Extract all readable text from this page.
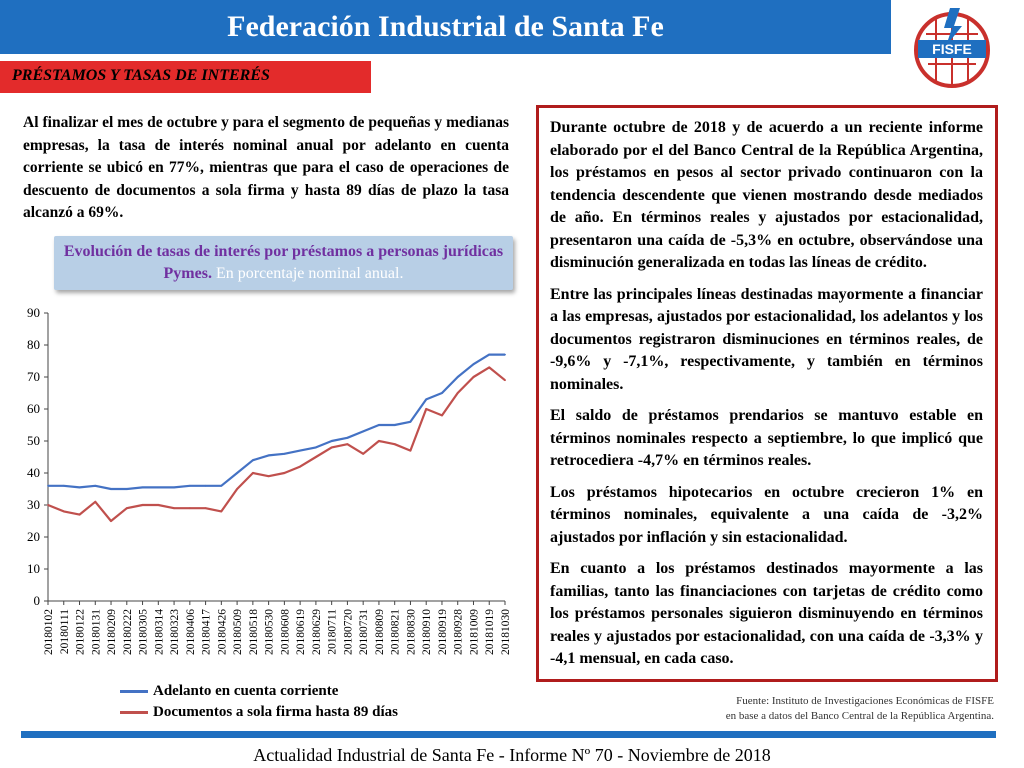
Federación Industrial de Santa Fe
FISFE
PRÉSTAMOS Y TASAS DE INTERÉS
Al finalizar el mes de octubre y para el segmento de pequeñas y medianas empresas, la tasa de interés nominal anual por adelanto en cuenta corriente se ubicó en 77%, mientras que para el caso de operaciones de descuento de documentos a sola firma y hasta 89 días de plazo la tasa alcanzó a 69%.
Evolución de tasas de interés por préstamos a personas jurídicas Pymes. En porcentaje nominal anual.
0
10
20
30
40
50
60
70
80
90
20180102 20180111 20180122 20180131 20180209 20180222 20180305 20180314 20180323 20180406 20180417 20180426 20180509 20180518 20180530 20180608 20180619 20180629 20180711 20180720 20180731 20180809 20180821 20180830 20180910 20180919 20180928 20181009 20181019 20181030
Adelanto en cuenta corriente
Documentos a sola firma hasta 89 días

Durante octubre de 2018 y de acuerdo a un reciente informe elaborado por el del Banco Central de la República Argentina, los préstamos en pesos al sector privado continuaron con la tendencia descendente que vienen mostrando desde mediados de año. En términos reales y ajustados por estacionalidad, presentaron una caída de -5,3% en octubre, observándose una disminución generalizada en todas las líneas de crédito.

Entre las principales líneas destinadas mayormente a financiar a las empresas, ajustados por estacionalidad, los adelantos y los documentos registraron disminuciones en términos reales, de -9,6% y -7,1%, respectivamente, y también en términos nominales.

El saldo de préstamos prendarios se mantuvo estable en términos nominales respecto a septiembre, lo que implicó que retrocediera -4,7% en términos reales.

Los préstamos hipotecarios en octubre crecieron 1% en términos nominales, equivalente a una caída de -3,2% ajustados por inflación y sin estacionalidad.

En cuanto a los préstamos destinados mayormente a las familias, tanto las financiaciones con tarjetas de crédito como los préstamos personales siguieron disminuyendo en términos reales y ajustados por estacionalidad, con una caída de -3,3% y -4,1 mensual, en cada caso.

Fuente: Instituto de Investigaciones Económicas de FISFE
en base a datos del Banco Central de la República Argentina.
Actualidad Industrial de Santa Fe - Informe Nº 70 - Noviembre de 2018
